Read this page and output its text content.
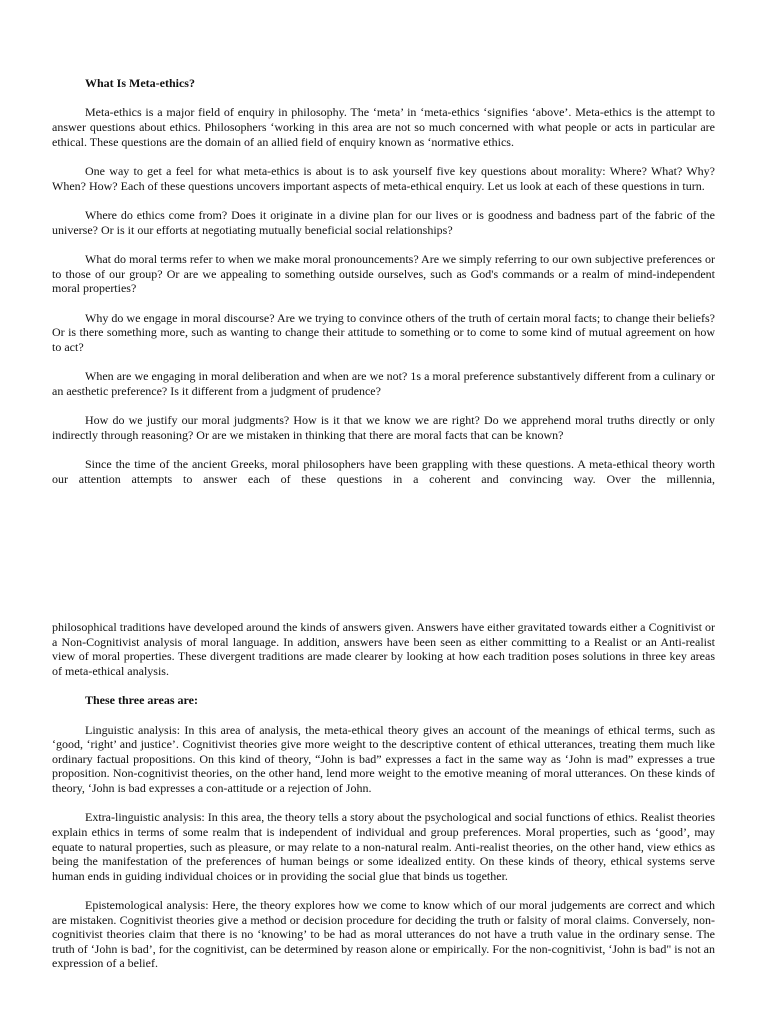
What Is Meta-ethics?

Meta-ethics is a major field of enquiry in philosophy. The ‘meta’ in ‘meta-ethics ‘signifies ‘above’. Meta-ethics is the attempt to answer questions about ethics. Philosophers ‘working in this area are not so much concerned with what people or acts in particular are ethical. These questions are the domain of an allied field of enquiry known as ‘normative ethics.

One way to get a feel for what meta-ethics is about is to ask yourself five key questions about morality: Where? What? Why? When? How? Each of these questions uncovers important aspects of meta-ethical enquiry. Let us look at each of these questions in turn.

Where do ethics come from? Does it originate in a divine plan for our lives or is goodness and badness part of the fabric of the universe? Or is it our efforts at negotiating mutually beneficial social relationships?

What do moral terms refer to when we make moral pronouncements? Are we simply referring to our own subjective preferences or to those of our group? Or are we appealing to something outside ourselves, such as God's commands or a realm of mind-independent moral properties?

Why do we engage in moral discourse? Are we trying to convince others of the truth of certain moral facts; to change their beliefs? Or is there something more, such as wanting to change their attitude to something or to come to some kind of mutual agreement on how to act?

When are we engaging in moral deliberation and when are we not? 1s a moral preference substantively different from a culinary or an aesthetic preference? Is it different from a judgment of prudence?

How do we justify our moral judgments? How is it that we know we are right? Do we apprehend moral truths directly or only indirectly through reasoning? Or are we mistaken in thinking that there are moral facts that can be known?

Since the time of the ancient Greeks, moral philosophers have been grappling with these questions. A meta-ethical theory worth our attention attempts to answer each of these questions in a coherent and convincing way. Over the millennia,

philosophical traditions have developed around the kinds of answers given. Answers have either gravitated towards either a Cognitivist or a Non-Cognitivist analysis of moral language. In addition, answers have been seen as either committing to a Realist or an Anti-realist view of moral properties. These divergent traditions are made clearer by looking at how each tradition poses solutions in three key areas of meta-ethical analysis.

These three areas are:

Linguistic analysis: In this area of analysis, the meta-ethical theory gives an account of the meanings of ethical terms, such as ‘good, ‘right’ and justice’. Cognitivist theories give more weight to the descriptive content of ethical utterances, treating them much like ordinary factual propositions. On this kind of theory, “John is bad” expresses a fact in the same way as ‘John is mad” expresses a true proposition. Non-cognitivist theories, on the other hand, lend more weight to the emotive meaning of moral utterances. On these kinds of theory, ‘John is bad expresses a con-attitude or a rejection of John.

Extra-linguistic analysis: In this area, the theory tells a story about the psychological and social functions of ethics. Realist theories explain ethics in terms of some realm that is independent of individual and group preferences. Moral properties, such as ‘good’, may equate to natural properties, such as pleasure, or may relate to a non-natural realm. Anti-realist theories, on the other hand, view ethics as being the manifestation of the preferences of human beings or some idealized entity. On these kinds of theory, ethical systems serve human ends in guiding individual choices or in providing the social glue that binds us together.

Epistemological analysis: Here, the theory explores how we come to know which of our moral judgements are correct and which are mistaken. Cognitivist theories give a method or decision procedure for deciding the truth or falsity of moral claims. Conversely, non-cognitivist theories claim that there is no ‘knowing’ to be had as moral utterances do not have a truth value in the ordinary sense. The truth of ‘John is bad’, for the cognitivist, can be determined by reason alone or empirically. For the non-cognitivist, ‘John is bad" is not an expression of a belief.
